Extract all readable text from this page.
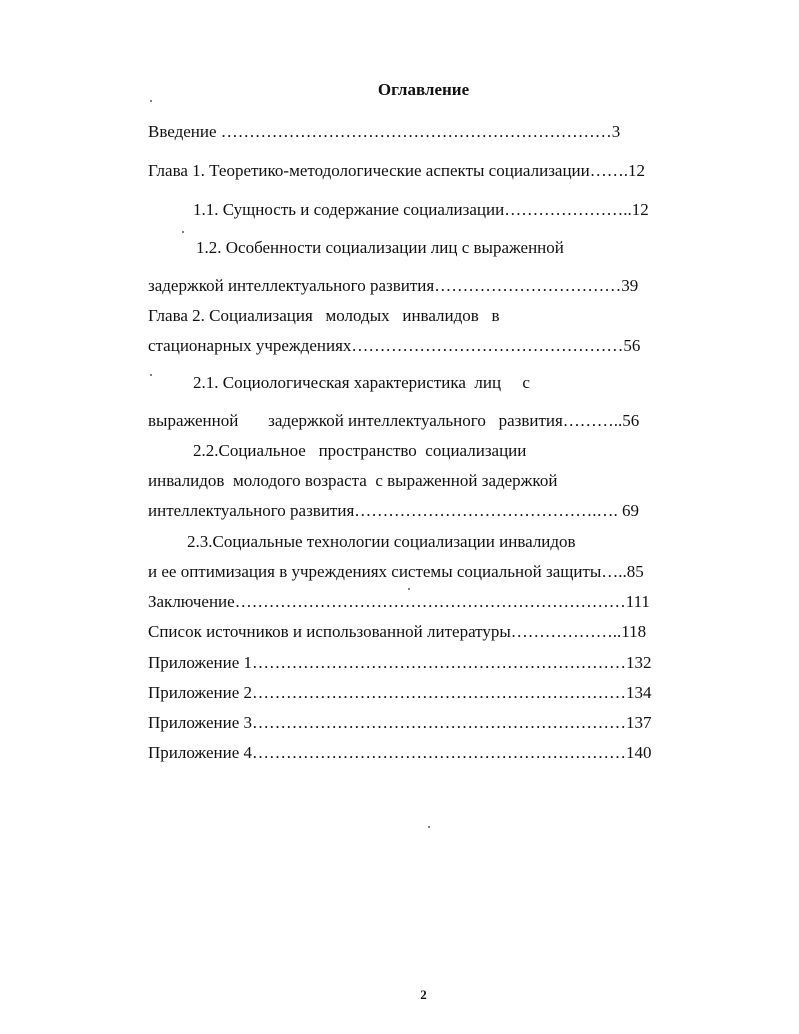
Оглавление
Введение ……………………………………………………………3
Глава 1. Теоретико-методологические аспекты социализации…….12
1.1. Сущность и содержание социализации…………………..12
1.2. Особенности социализации лиц с выраженной
задержкой интеллектуального развития……………………………39
Глава 2. Социализация   молодых   инвалидов   в
стационарных учреждениях…………………………………………56
2.1. Социологическая характеристика  лиц     с
выраженной       задержкой интеллектуального   развития………..56
2.2.Социальное   пространство  социализации
инвалидов  молодого возраста  с выраженной задержкой
интеллектуального развития…………………………………….…. 69
2.3.Социальные технологии социализации инвалидов
и ее оптимизация в учреждениях системы социальной защиты…..85
Заключение……………………………………………………………111
Список источников и использованной литературы………………..118
Приложение 1…………………………………………………………132
Приложение 2…………………………………………………………134
Приложение 3…………………………………………………………137
Приложение 4…………………………………………………………140
2
